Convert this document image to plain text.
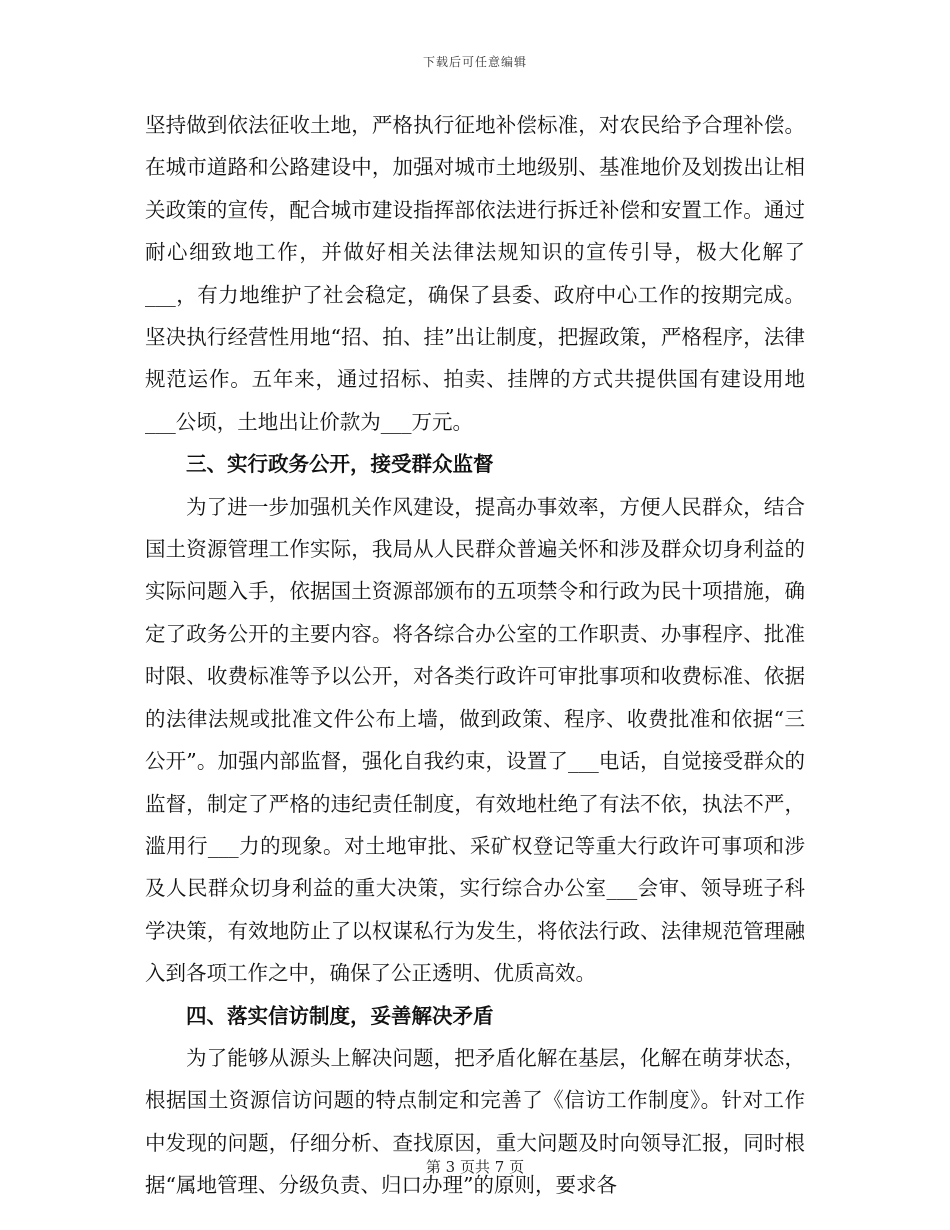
下载后可任意编辑

坚持做到依法征收土地，严格执行征地补偿标准，对农民给予合理补偿。在城市道路和公路建设中，加强对城市土地级别、基准地价及划拨出让相关政策的宣传，配合城市建设指挥部依法进行拆迁补偿和安置工作。通过耐心细致地工作，并做好相关法律法规知识的宣传引导，极大化解了___，有力地维护了社会稳定，确保了县委、政府中心工作的按期完成。坚决执行经营性用地“招、拍、挂”出让制度，把握政策，严格程序，法律规范运作。五年来，通过招标、拍卖、挂牌的方式共提供国有建设用地___公顷，土地出让价款为___万元。

三、实行政务公开，接受群众监督

为了进一步加强机关作风建设，提高办事效率，方便人民群众，结合国土资源管理工作实际，我局从人民群众普遍关怀和涉及群众切身利益的实际问题入手，依据国土资源部颁布的五项禁令和行政为民十项措施，确定了政务公开的主要内容。将各综合办公室的工作职责、办事程序、批准时限、收费标准等予以公开，对各类行政许可审批事项和收费标准、依据的法律法规或批准文件公布上墙，做到政策、程序、收费批准和依据“三公开”。加强内部监督，强化自我约束，设置了___电话，自觉接受群众的监督，制定了严格的违纪责任制度，有效地杜绝了有法不依，执法不严，滥用行___力的现象。对土地审批、采矿权登记等重大行政许可事项和涉及人民群众切身利益的重大决策，实行综合办公室___会审、领导班子科学决策，有效地防止了以权谋私行为发生，将依法行政、法律规范管理融入到各项工作之中，确保了公正透明、优质高效。

四、落实信访制度，妥善解决矛盾

为了能够从源头上解决问题，把矛盾化解在基层，化解在萌芽状态，根据国土资源信访问题的特点制定和完善了《信访工作制度》。针对工作中发现的问题，仔细分析、查找原因，重大问题及时向领导汇报，同时根据“属地管理、分级负责、归口办理”的原则，要求各

第 3 页共 7 页
